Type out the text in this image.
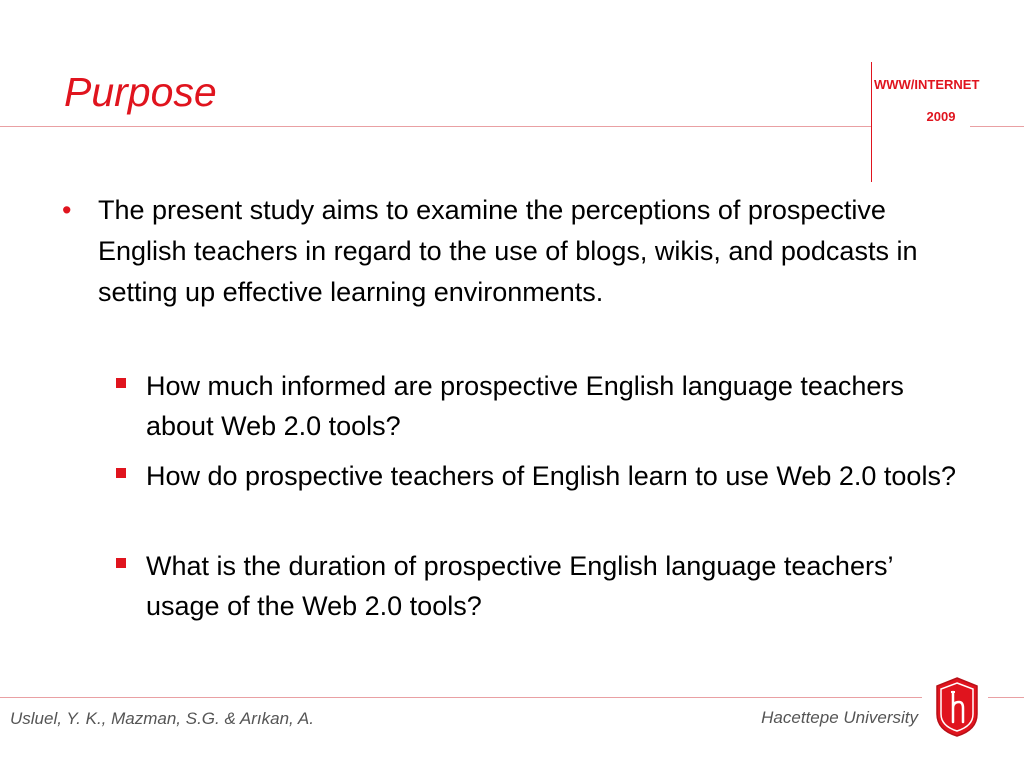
Purpose	WWW/INTERNET
2009
• The present study aims to examine the perceptions of prospective English teachers in regard to the use of blogs, wikis, and podcasts in setting up effective learning environments.
How much informed are prospective English language teachers about Web 2.0 tools?
How do prospective teachers of English learn to use Web 2.0 tools?
What is the duration of prospective English language teachers’ usage of the Web 2.0 tools?
Usluel, Y. K., Mazman, S.G. & Arıkan, A.	Hacettepe University
